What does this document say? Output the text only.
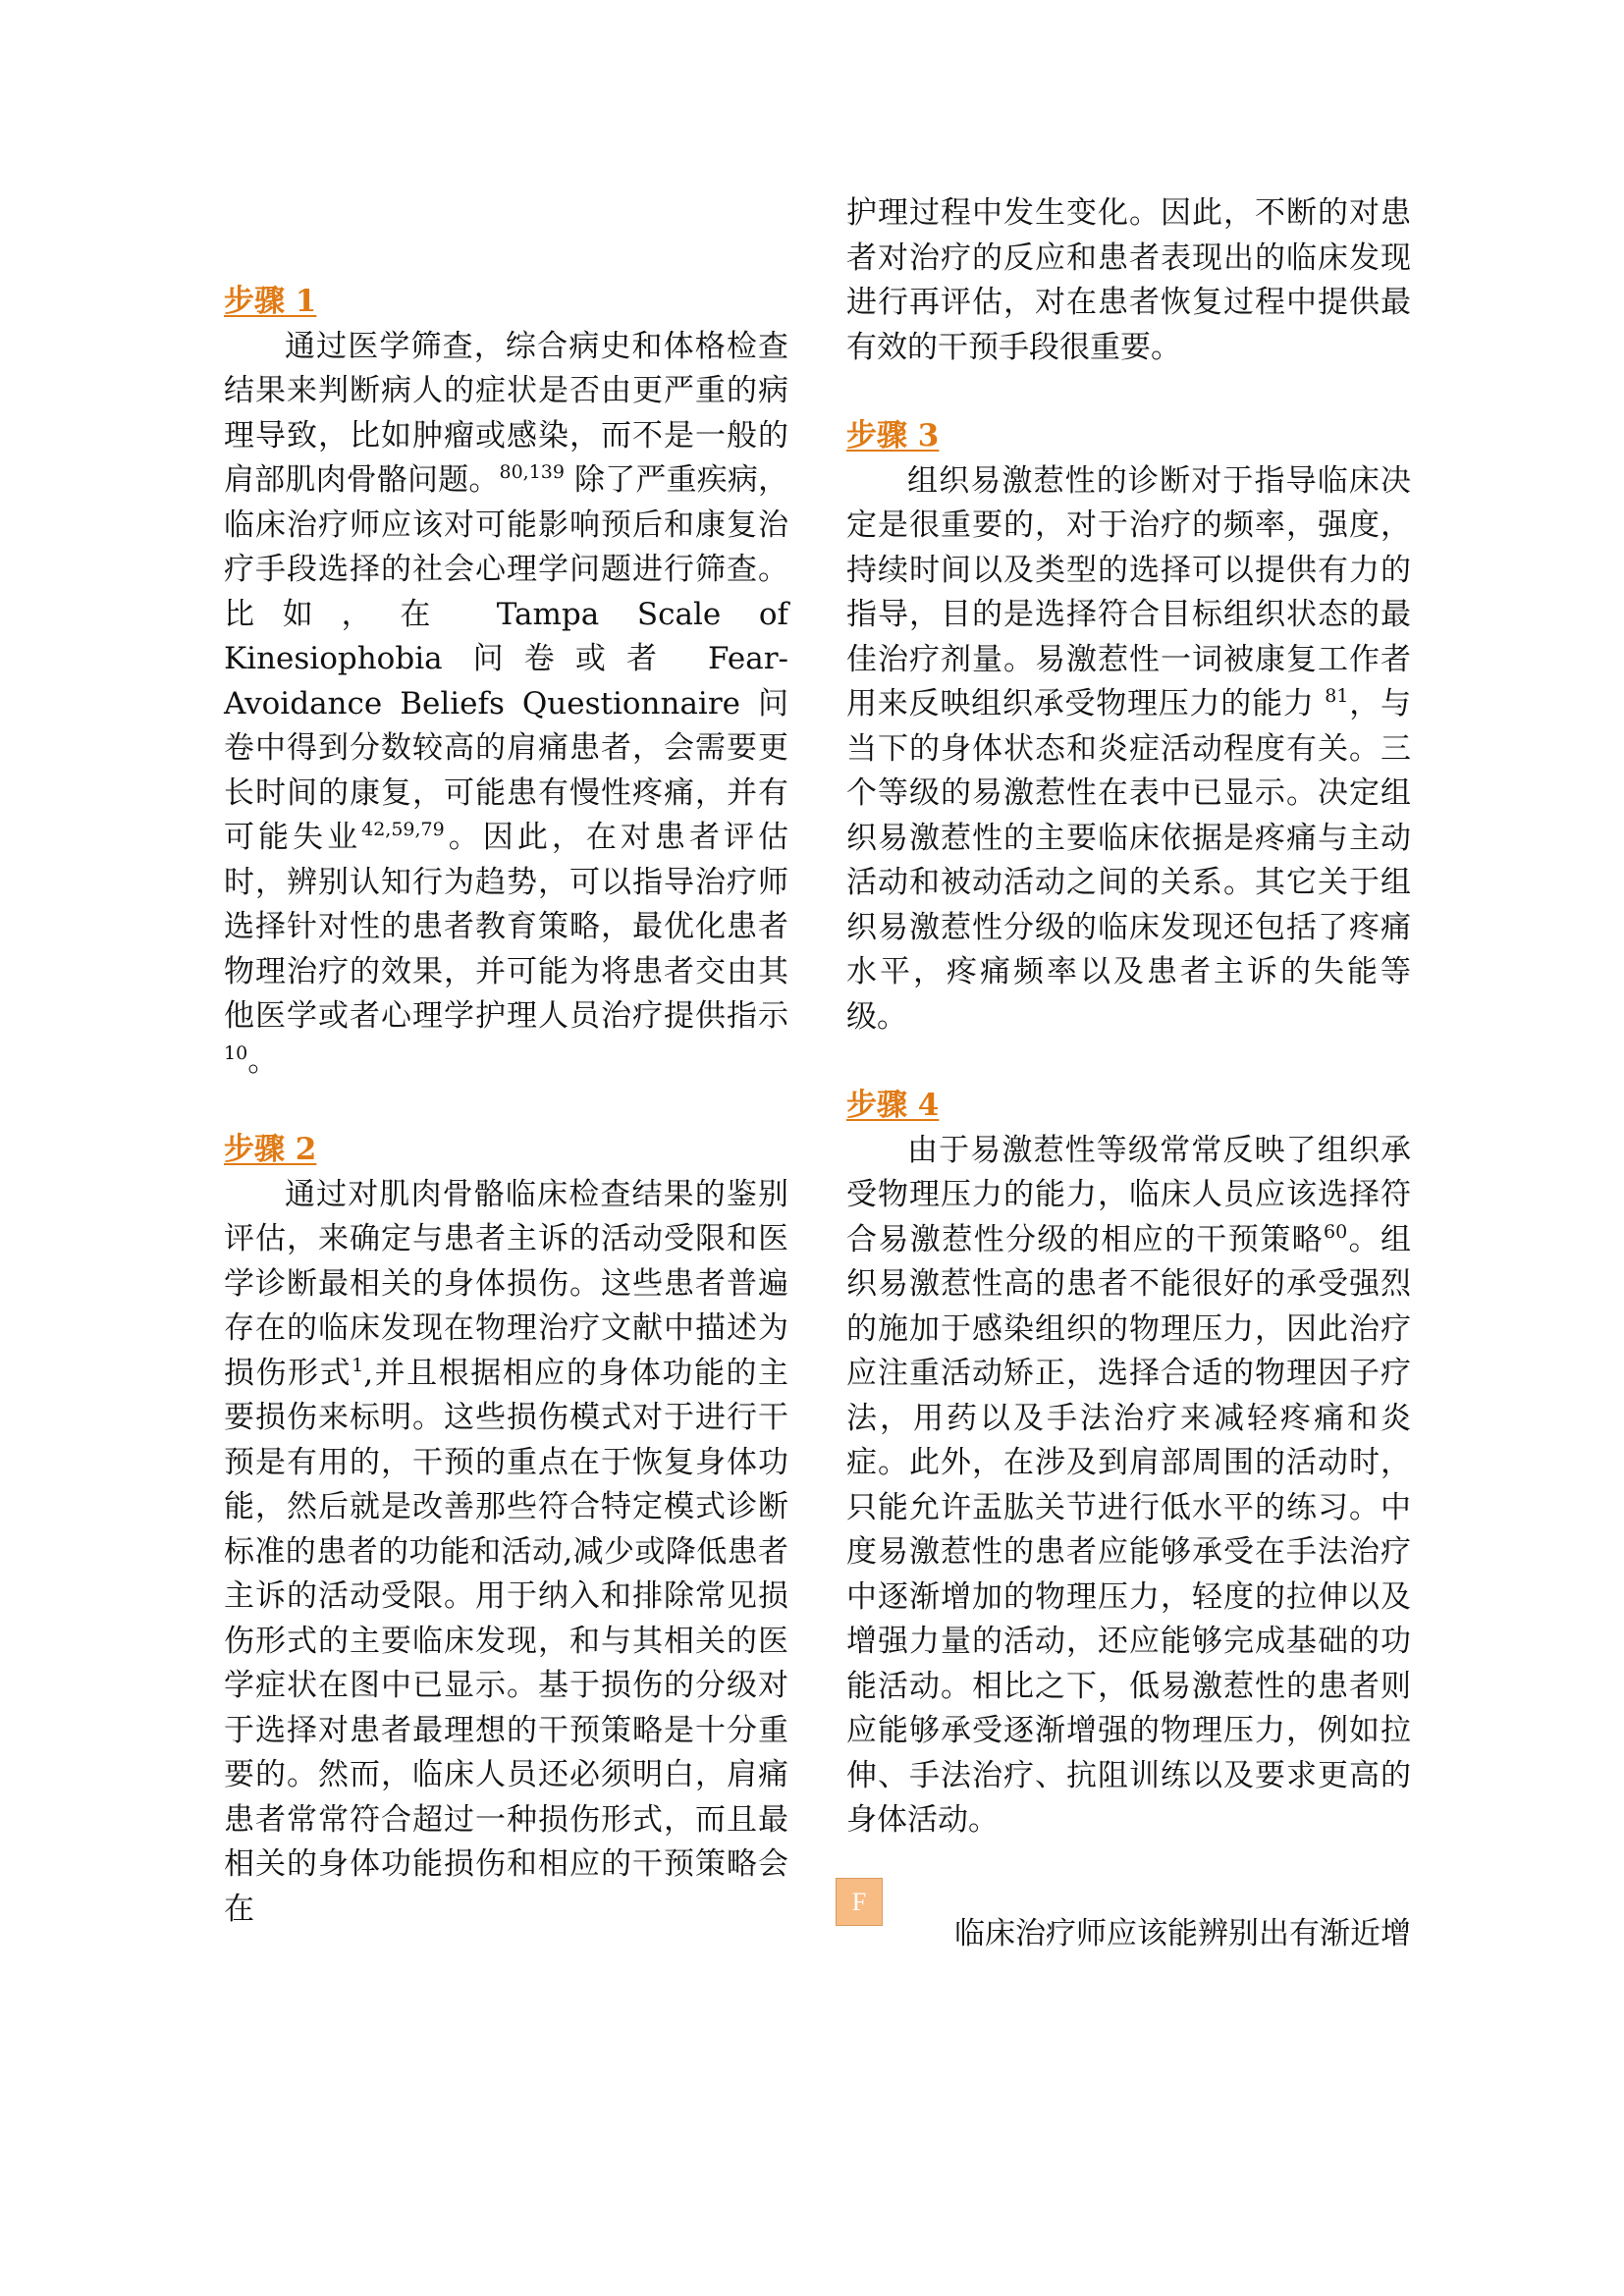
步骤 1

通过医学筛查，综合病史和体格检查结果来判断病人的症状是否由更严重的病理导致，比如肿瘤或感染，而不是一般的肩部肌肉骨骼问题。$^{80,139}$ 除了严重疾病，临床治疗师应该对可能影响预后和康复治疗手段选择的社会心理学问题进行筛查。比如，在 Tampa Scale of Kinesiophobia 问卷或者 Fear-Avoidance Beliefs Questionnaire 问卷中得到分数较高的肩痛患者，会需要更长时间的康复，可能患有慢性疼痛，并有可能失业$^{42,59,79}$。因此，在对患者评估时，辨别认知行为趋势，可以指导治疗师选择针对性的患者教育策略，最优化患者物理治疗的效果，并可能为将患者交由其他医学或者心理学护理人员治疗提供指示$^{10}$。

步骤 2

通过对肌肉骨骼临床检查结果的鉴别评估，来确定与患者主诉的活动受限和医学诊断最相关的身体损伤。这些患者普遍存在的临床发现在物理治疗文献中描述为损伤形式$^1$,并且根据相应的身体功能的主要损伤来标明。这些损伤模式对于进行干预是有用的，干预的重点在于恢复身体功能，然后就是改善那些符合特定模式诊断标准的患者的功能和活动,减少或降低患者主诉的活动受限。用于纳入和排除常见损伤形式的主要临床发现，和与其相关的医学症状在图中已显示。基于损伤的分级对于选择对患者最理想的干预策略是十分重要的。然而，临床人员还必须明白，肩痛患者常常符合超过一种损伤形式，而且最相关的身体功能损伤和相应的干预策略会在

护理过程中发生变化。因此，不断的对患者对治疗的反应和患者表现出的临床发现进行再评估，对在患者恢复过程中提供最有效的干预手段很重要。

步骤 3

组织易激惹性的诊断对于指导临床决定是很重要的，对于治疗的频率，强度，持续时间以及类型的选择可以提供有力的指导，目的是选择符合目标组织状态的最佳治疗剂量。易激惹性一词被康复工作者用来反映组织承受物理压力的能力 $^{81}$，与当下的身体状态和炎症活动程度有关。三个等级的易激惹性在表中已显示。决定组织易激惹性的主要临床依据是疼痛与主动活动和被动活动之间的关系。其它关于组织易激惹性分级的临床发现还包括了疼痛水平，疼痛频率以及患者主诉的失能等级。

步骤 4

由于易激惹性等级常常反映了组织承受物理压力的能力，临床人员应该选择符合易激惹性分级的相应的干预策略$^{60}$。组织易激惹性高的患者不能很好的承受强烈的施加于感染组织的物理压力，因此治疗应注重活动矫正，选择合适的物理因子疗法，用药以及手法治疗来减轻疼痛和炎症。此外，在涉及到肩部周围的活动时，只能允许盂肱关节进行低水平的练习。中度易激惹性的患者应能够承受在手法治疗中逐渐增加的物理压力，轻度的拉伸以及增强力量的活动，还应能够完成基础的功能活动。相比之下，低易激惹性的患者则应能够承受逐渐增强的物理压力，例如拉伸、手法治疗、抗阻训练以及要求更高的身体活动。

F
临床治疗师应该能辨别出有渐近增
